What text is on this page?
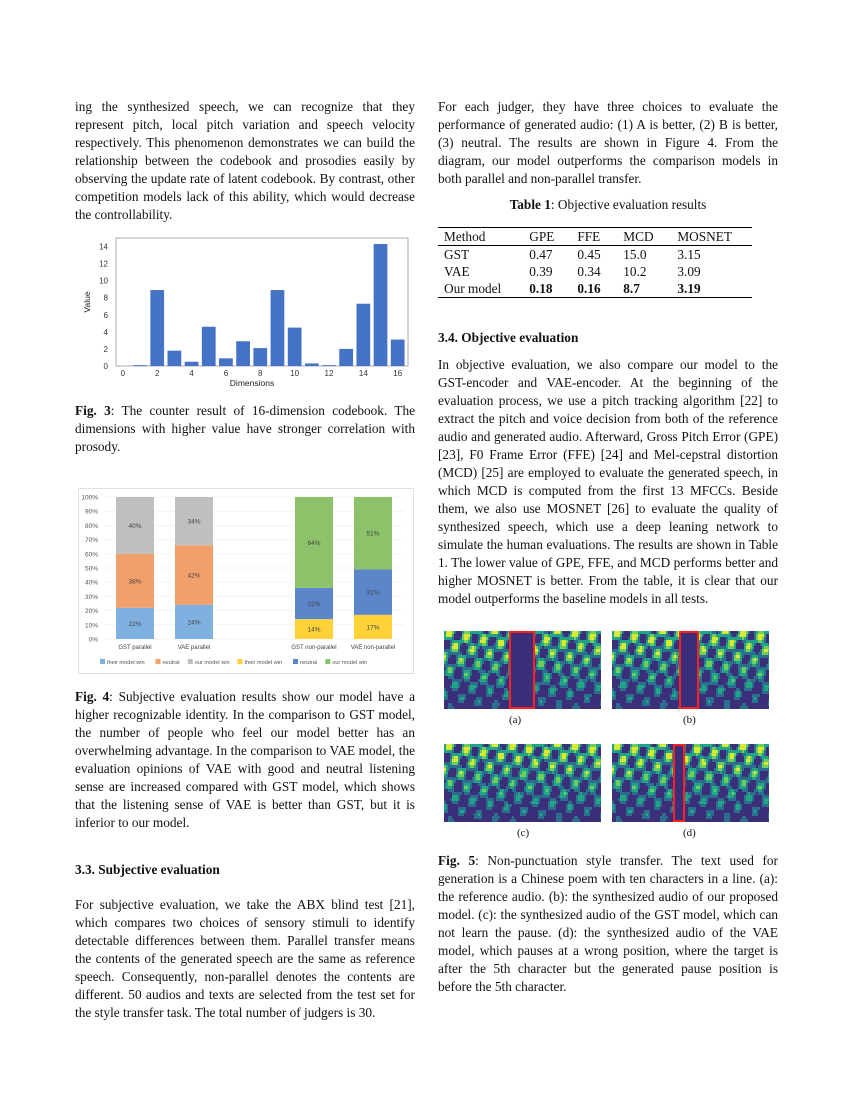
ing the synthesized speech, we can recognize that they represent pitch, local pitch variation and speech velocity respectively. This phenomenon demonstrates we can build the relationship between the codebook and prosodies easily by observing the update rate of latent codebook. By contrast, other competition models lack of this ability, which would decrease the controllability.

0
2
4
6
8
10
12
14
0	2	4	6	8	10	12	14	16
Dimensions
Value

Fig. 3: The counter result of 16-dimension codebook. The dimensions with higher value have stronger correlation with prosody.

0%
10%
20%
30%
40%
50%
60%
70%
80%
90%
100%
22%
38%
40%
GST parallel
24%
42%
34%
VAE parallel
14%
22%
64%
GST non-parallel
17%
32%
51%
VAE non-parallel
their model win	neutral	our model win	their model win	neutral	our model win

Fig. 4: Subjective evaluation results show our model have a higher recognizable identity. In the comparison to GST model, the number of people who feel our model better has an overwhelming advantage. In the comparison to VAE model, the evaluation opinions of VAE with good and neutral listening sense are increased compared with GST model, which shows that the listening sense of VAE is better than GST, but it is inferior to our model.

3.3. Subjective evaluation

For subjective evaluation, we take the ABX blind test [21], which compares two choices of sensory stimuli to identify detectable differences between them. Parallel transfer means the contents of the generated speech are the same as reference speech. Consequently, non-parallel denotes the contents are different. 50 audios and texts are selected from the test set for the style transfer task. The total number of judgers is 30.

For each judger, they have three choices to evaluate the performance of generated audio: (1) A is better, (2) B is better, (3) neutral. The results are shown in Figure 4. From the diagram, our model outperforms the comparison models in both parallel and non-parallel transfer.

Table 1: Objective evaluation results
Method	GPE	FFE	MCD	MOSNET
GST	0.47	0.45	15.0	3.15
VAE	0.39	0.34	10.2	3.09
Our model	0.18	0.16	8.7	3.19
3.4. Objective evaluation

In objective evaluation, we also compare our model to the GST-encoder and VAE-encoder. At the beginning of the evaluation process, we use a pitch tracking algorithm [22] to extract the pitch and voice decision from both of the reference audio and generated audio. Afterward, Gross Pitch Error (GPE) [23], F0 Frame Error (FFE) [24] and Mel-cepstral distortion (MCD) [25] are employed to evaluate the generated speech, in which MCD is computed from the first 13 MFCCs. Beside them, we also use MOSNET [26] to evaluate the quality of synthesized speech, which use a deep leaning network to simulate the human evaluations. The results are shown in Table 1. The lower value of GPE, FFE, and MCD performs better and higher MOSNET is better. From the table, it is clear that our model outperforms the baseline models in all tests.

(a)	(b)
(c)	(d)

Fig. 5: Non-punctuation style transfer. The text used for generation is a Chinese poem with ten characters in a line. (a): the reference audio. (b): the synthesized audio of our proposed model. (c): the synthesized audio of the GST model, which can not learn the pause. (d): the synthesized audio of the VAE model, which pauses at a wrong position, where the target is after the 5th character but the generated pause position is before the 5th character.
